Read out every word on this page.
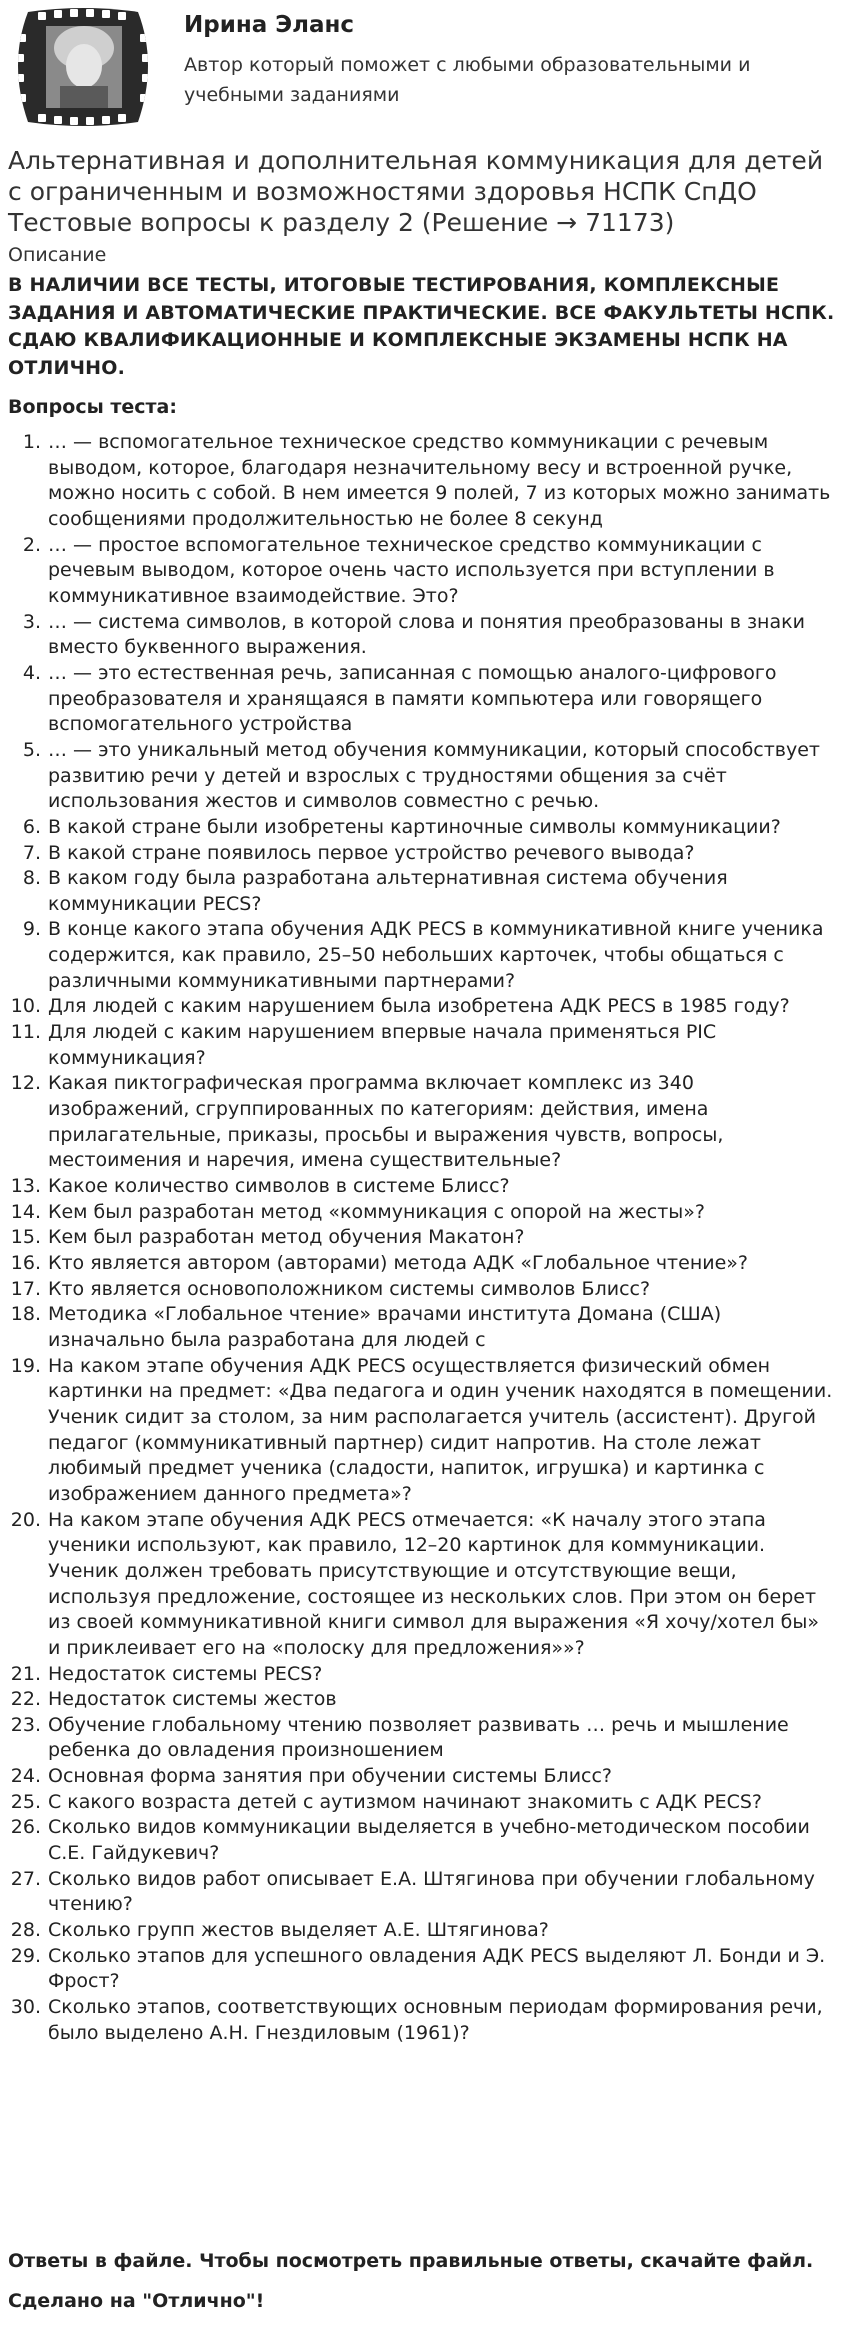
Ирина Эланс
Автор который поможет с любыми образовательными и учебными заданиями
Альтернативная и дополнительная коммуникация для детей с ограниченным и возможностями здоровья НСПК СпДО Тестовые вопросы к разделу 2 (Решение → 71173)
Описание
В НАЛИЧИИ ВСЕ ТЕСТЫ, ИТОГОВЫЕ ТЕСТИРОВАНИЯ, КОМПЛЕКСНЫЕ ЗАДАНИЯ И АВТОМАТИЧЕСКИЕ ПРАКТИЧЕСКИЕ. ВСЕ ФАКУЛЬТЕТЫ НСПК. СДАЮ КВАЛИФИКАЦИОННЫЕ И КОМПЛЕКСНЫЕ ЭКЗАМЕНЫ НСПК НА ОТЛИЧНО.
Вопросы теста:
1. … — вспомогательное техническое средство коммуникации с речевым выводом, которое, благодаря незначительному весу и встроенной ручке, можно носить с собой. В нем имеется 9 полей, 7 из которых можно занимать сообщениями продолжительностью не более 8 секунд
2. … — простое вспомогательное техническое средство коммуникации с речевым выводом, которое очень часто используется при вступлении в коммуникативное взаимодействие. Это?
3. … — система символов, в которой слова и понятия преобразованы в знаки вместо буквенного выражения.
4. … — это естественная речь, записанная с помощью аналого-цифрового преобразователя и хранящаяся в памяти компьютера или говорящего вспомогательного устройства
5. … — это уникальный метод обучения коммуникации, который способствует развитию речи у детей и взрослых с трудностями общения за счёт использования жестов и символов совместно с речью.
6. В какой стране были изобретены картиночные символы коммуникации?
7. В какой стране появилось первое устройство речевого вывода?
8. В каком году была разработана альтернативная система обучения коммуникации PECS?
9. В конце какого этапа обучения АДК PECS в коммуникативной книге ученика содержится, как правило, 25–50 небольших карточек, чтобы общаться с различными коммуникативными партнерами?
10. Для людей с каким нарушением была изобретена АДК PECS в 1985 году?
11. Для людей с каким нарушением впервые начала применяться PIC коммуникация?
12. Какая пиктографическая программа включает комплекс из 340 изображений, сгруппированных по категориям: действия, имена прилагательные, приказы, просьбы и выражения чувств, вопросы, местоимения и наречия, имена существительные?
13. Какое количество символов в системе Блисс?
14. Кем был разработан метод «коммуникация с опорой на жесты»?
15. Кем был разработан метод обучения Макатон?
16. Кто является автором (авторами) метода АДК «Глобальное чтение»?
17. Кто является основоположником системы символов Блисс?
18. Методика «Глобальное чтение» врачами института Домана (США) изначально была разработана для людей с
19. На каком этапе обучения АДК PECS осуществляется физический обмен картинки на предмет: «Два педагога и один ученик находятся в помещении. Ученик сидит за столом, за ним располагается учитель (ассистент). Другой педагог (коммуникативный партнер) сидит напротив. На столе лежат любимый предмет ученика (сладости, напиток, игрушка) и картинка с изображением данного предмета»?
20. На каком этапе обучения АДК PECS отмечается: «К началу этого этапа ученики используют, как правило, 12–20 картинок для коммуникации. Ученик должен требовать присутствующие и отсутствующие вещи, используя предложение, состоящее из нескольких слов. При этом он берет из своей коммуникативной книги символ для выражения «Я хочу/хотел бы» и приклеивает его на «полоску для предложения»»?
21. Недостаток системы PECS?
22. Недостаток системы жестов
23. Обучение глобальному чтению позволяет развивать … речь и мышление ребенка до овладения произношением
24. Основная форма занятия при обучении системы Блисс?
25. С какого возраста детей с аутизмом начинают знакомить с АДК PECS?
26. Сколько видов коммуникации выделяется в учебно-методическом пособии С.Е. Гайдукевич?
27. Сколько видов работ описывает Е.А. Штягинова при обучении глобальному чтению?
28. Сколько групп жестов выделяет А.Е. Штягинова?
29. Сколько этапов для успешного овладения АДК PECS выделяют Л. Бонди и Э. Фрост?
30. Сколько этапов, соответствующих основным периодам формирования речи, было выделено А.Н. Гнездиловым (1961)?
Ответы в файле. Чтобы посмотреть правильные ответы, скачайте файл.
Сделано на "Отлично"!
